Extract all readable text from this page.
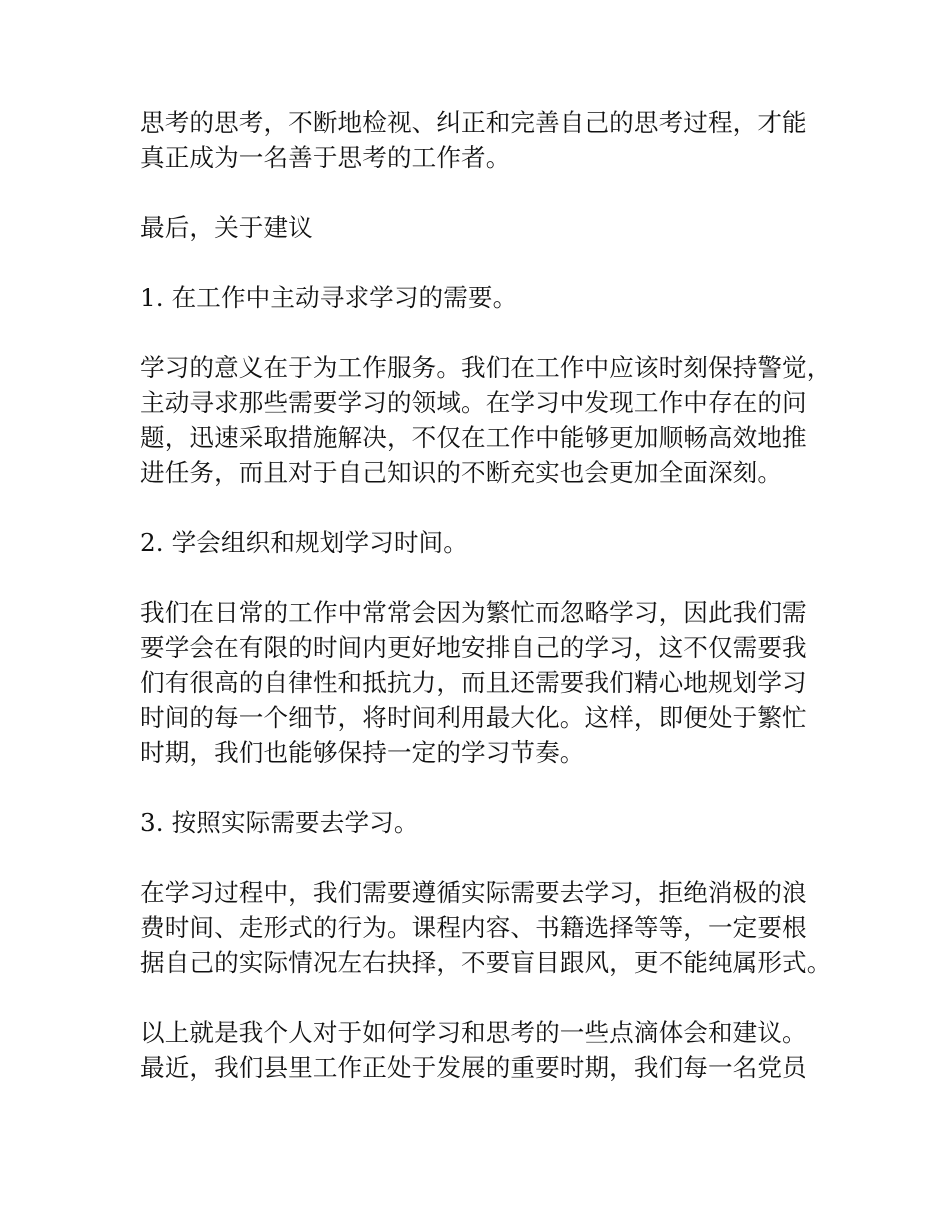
思考的思考，不断地检视、纠正和完善自己的思考过程，才能
真正成为一名善于思考的工作者。
最后，关于建议
1. 在工作中主动寻求学习的需要。
学习的意义在于为工作服务。我们在工作中应该时刻保持警觉，
主动寻求那些需要学习的领域。在学习中发现工作中存在的问
题，迅速采取措施解决，不仅在工作中能够更加顺畅高效地推
进任务，而且对于自己知识的不断充实也会更加全面深刻。
2. 学会组织和规划学习时间。
我们在日常的工作中常常会因为繁忙而忽略学习，因此我们需
要学会在有限的时间内更好地安排自己的学习，这不仅需要我
们有很高的自律性和抵抗力，而且还需要我们精心地规划学习
时间的每一个细节，将时间利用最大化。这样，即便处于繁忙
时期，我们也能够保持一定的学习节奏。
3. 按照实际需要去学习。
在学习过程中，我们需要遵循实际需要去学习，拒绝消极的浪
费时间、走形式的行为。课程内容、书籍选择等等，一定要根
据自己的实际情况左右抉择，不要盲目跟风，更不能纯属形式。
以上就是我个人对于如何学习和思考的一些点滴体会和建议。
最近，我们县里工作正处于发展的重要时期，我们每一名党员
